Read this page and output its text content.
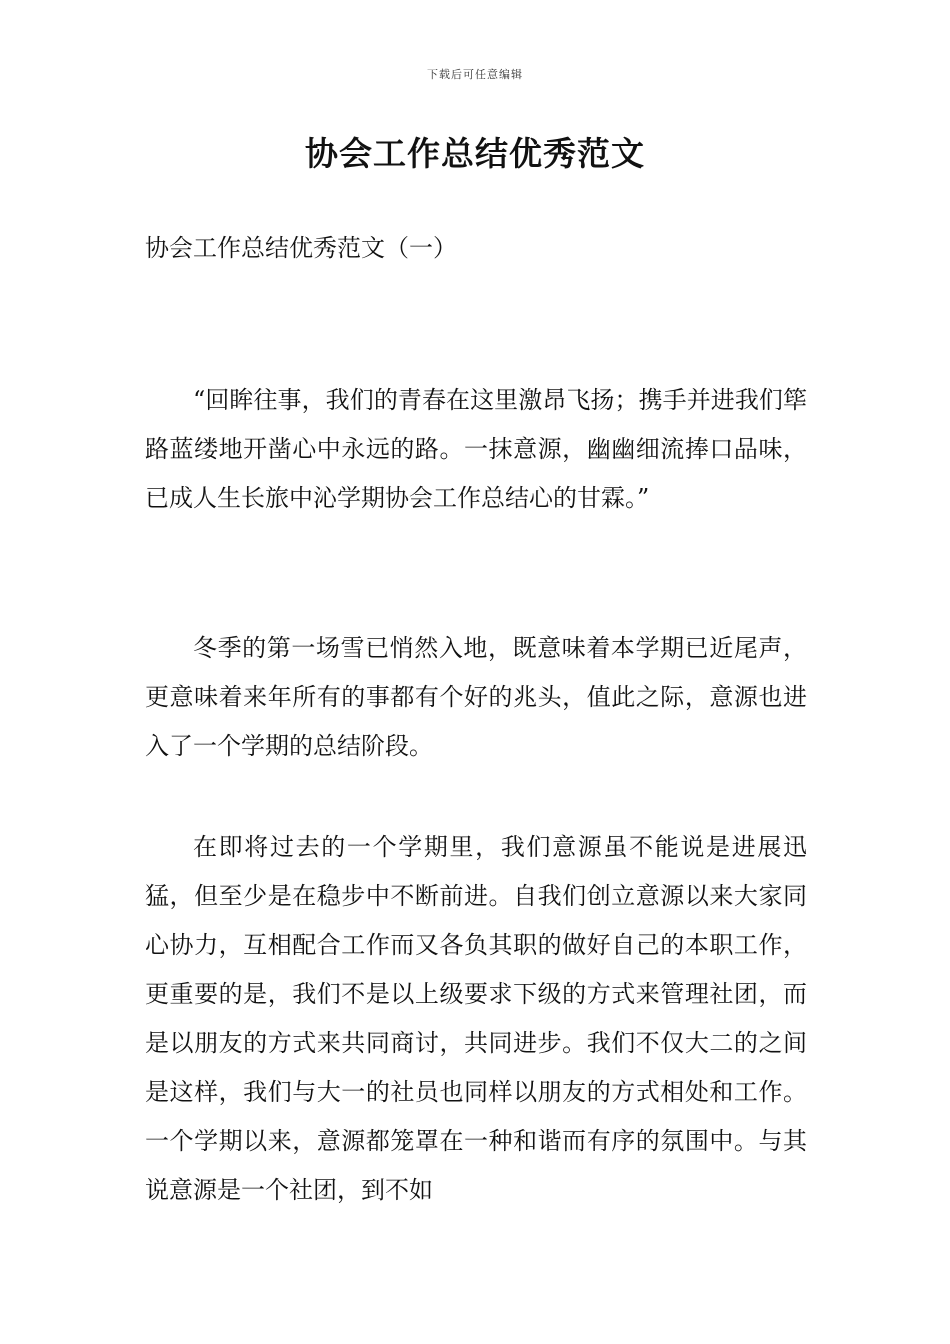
下载后可任意编辑
协会工作总结优秀范文

协会工作总结优秀范文（一）

“回眸往事，我们的青春在这里激昂飞扬；携手并进我们筚路蓝缕地开凿心中永远的路。一抹意源，幽幽细流捧口品味，已成人生长旅中沁学期协会工作总结心的甘霖。”

冬季的第一场雪已悄然入地，既意味着本学期已近尾声，更意味着来年所有的事都有个好的兆头，值此之际，意源也进入了一个学期的总结阶段。

在即将过去的一个学期里，我们意源虽不能说是进展迅猛，但至少是在稳步中不断前进。自我们创立意源以来大家同心协力，互相配合工作而又各负其职的做好自己的本职工作，更重要的是，我们不是以上级要求下级的方式来管理社团，而是以朋友的方式来共同商讨，共同进步。我们不仅大二的之间是这样，我们与大一的社员也同样以朋友的方式相处和工作。一个学期以来，意源都笼罩在一种和谐而有序的氛围中。与其说意源是一个社团，到不如
